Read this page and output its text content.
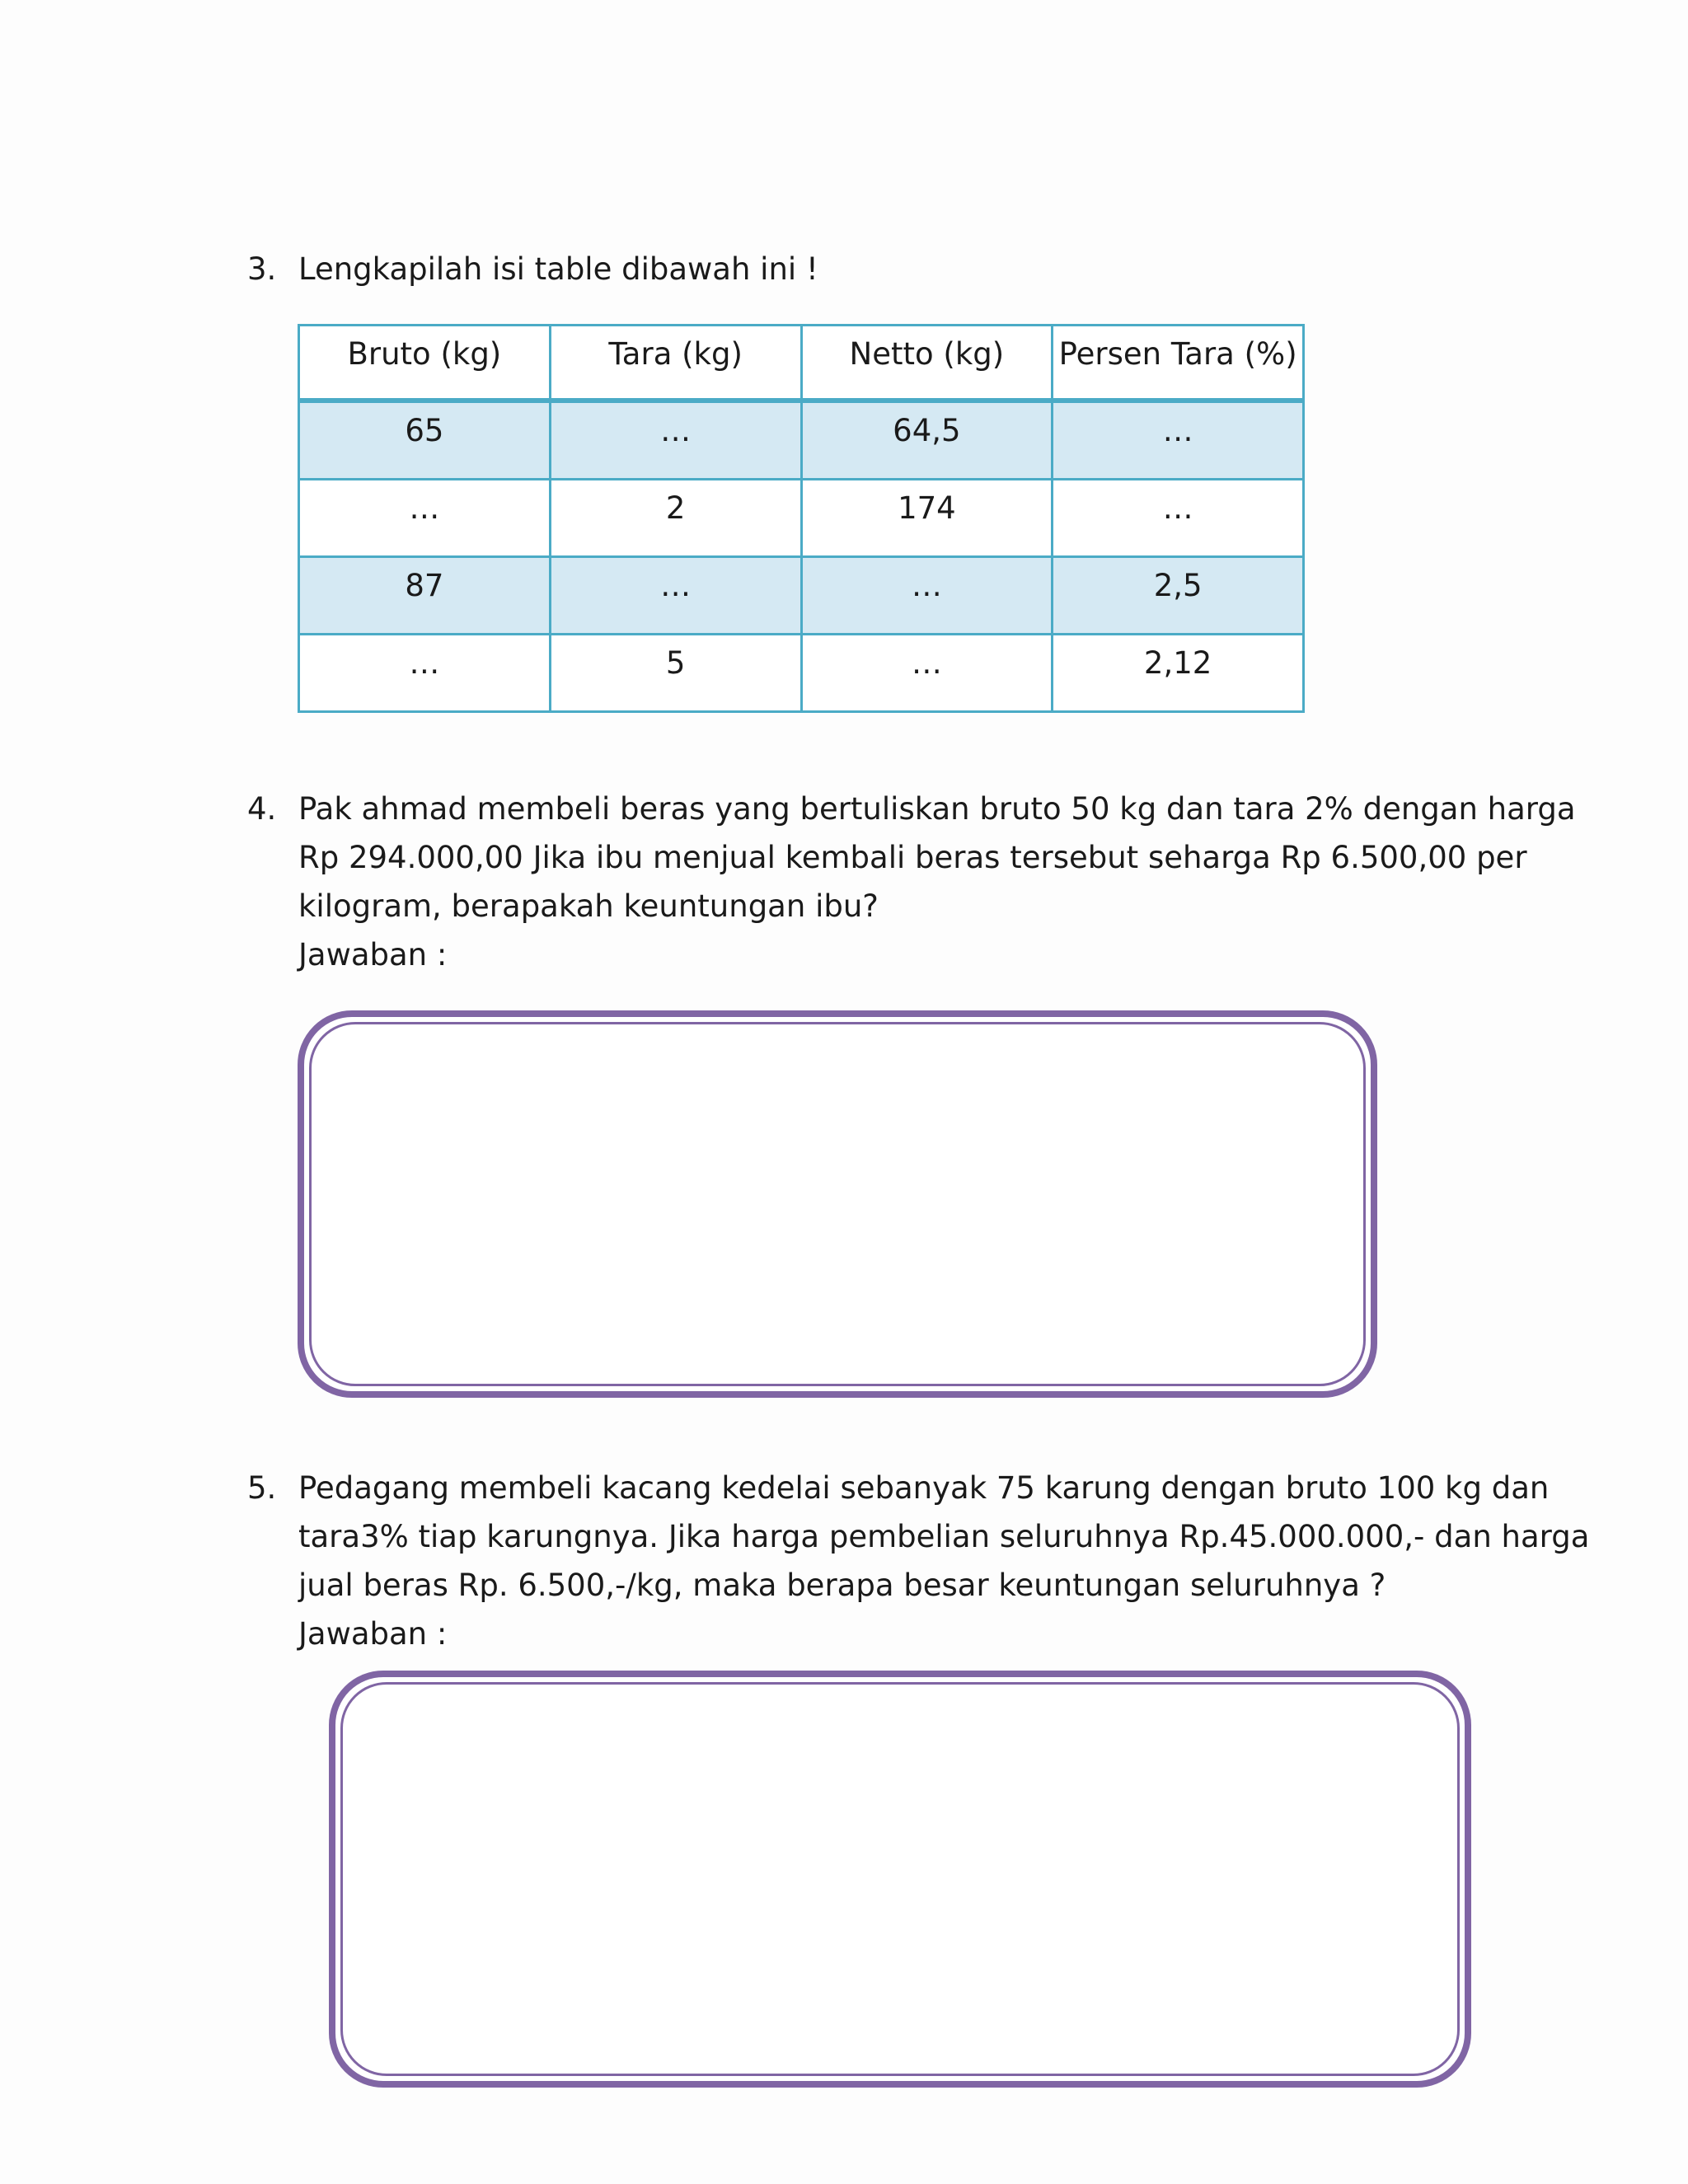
3. Lengkapilah isi table dibawah ini !
Bruto (kg)	Tara (kg)	Netto (kg)	Persen Tara (%)
65	…	64,5	…
…	2	174	…
87	…	…	2,5
…	5	…	2,12
4. Pak ahmad membeli beras yang bertuliskan bruto 50 kg dan tara 2% dengan harga
Rp 294.000,00 Jika ibu menjual kembali beras tersebut seharga Rp 6.500,00 per
kilogram, berapakah keuntungan ibu?
Jawaban :
5. Pedagang membeli kacang kedelai sebanyak 75 karung dengan bruto 100 kg dan
tara3% tiap karungnya. Jika harga pembelian seluruhnya Rp.45.000.000,- dan harga
jual beras Rp. 6.500,-/kg, maka berapa besar keuntungan seluruhnya ?
Jawaban :
